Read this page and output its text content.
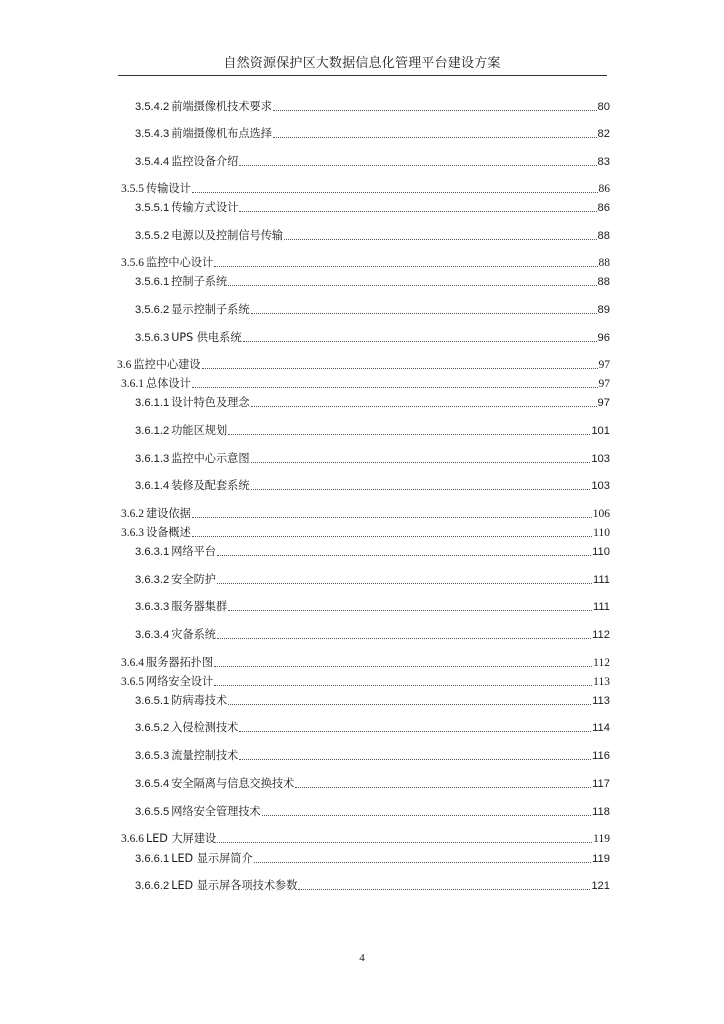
自然资源保护区大数据信息化管理平台建设方案
3.5.4.2 前端摄像机技术要求	80
3.5.4.3 前端摄像机布点选择	82
3.5.4.4 监控设备介绍	83
3.5.5 传输设计	86
3.5.5.1 传输方式设计	86
3.5.5.2 电源以及控制信号传输	88
3.5.6 监控中心设计	88
3.5.6.1 控制子系统	88
3.5.6.2 显示控制子系统	89
3.5.6.3 UPS 供电系统	96
3.6 监控中心建设	97
3.6.1 总体设计	97
3.6.1.1 设计特色及理念	97
3.6.1.2 功能区规划	101
3.6.1.3 监控中心示意图	103
3.6.1.4 装修及配套系统	103
3.6.2 建设依据	106
3.6.3 设备概述	110
3.6.3.1 网络平台	110
3.6.3.2 安全防护	111
3.6.3.3 服务器集群	111
3.6.3.4 灾备系统	112
3.6.4 服务器拓扑图	112
3.6.5 网络安全设计	113
3.6.5.1 防病毒技术	113
3.6.5.2 入侵检测技术	114
3.6.5.3 流量控制技术	116
3.6.5.4 安全隔离与信息交换技术	117
3.6.5.5 网络安全管理技术	118
3.6.6 LED 大屏建设	119
3.6.6.1 LED 显示屏简介	119
3.6.6.2 LED 显示屏各项技术参数	121
4
